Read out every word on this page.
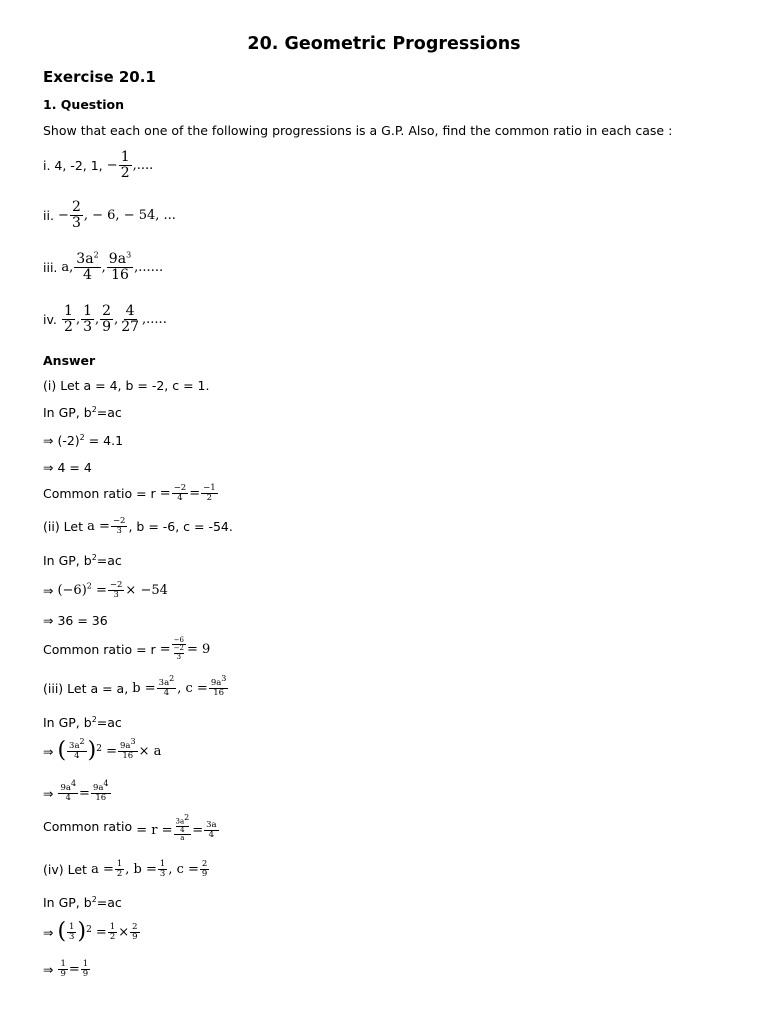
20. Geometric Progressions
Exercise 20.1
1. Question
Show that each one of the following progressions is a G.P. Also, find the common ratio in each case :
i. 4, -2, 1, − $\frac{1}{2}$ ,....
ii. − $\frac{2}{3}$ , − 6, − 54, ...
iii. a, $\frac{3a^2}{4}$ , $\frac{9a^3}{16}$ ,......
iv.
$\frac{1}{2}$ , $\frac{1}{3}$ , $\frac{2}{9}$ , $\frac{4}{27}$ ,.....
Answer
(i) Let a = 4, b = -2, c = 1.
In GP, $b^2=ac$
⇒ $(-2)^2 = 4.1$
⇒ 4 = 4
Common ratio = $r = \frac{-2}{4} = \frac{-1}{2}$
(ii) Let $a = \frac{-2}{3}$ , b = -6, c = -54.
In GP, $b^2=ac$
⇒ $(-6)^2 = \frac{-2}{3} \times -54$
⇒ 36 = 36
Common ratio = r = −6
−2
3 = 9
(iii) Let a = a, $b = \frac{3a^2}{4}$ , $c = \frac{9a^3}{16}$
In GP, $b^2=ac$
⇒ ( $\frac{3a^2}{4}$ ) $2 = \frac{9a^3}{16} \times a$
⇒ $\frac{9a^4}{4} = \frac{9a^4}{16}$
Common ratio = $r = 3a^2$
4
$a = \frac{3a}{4}$
(iv) Let $a = \frac{1}{2}$ , $b = \frac{1}{3}$ , $c = \frac{2}{9}$
In GP, $b^2=ac$
⇒ ( $\frac{1}{3}$ ) $2 = \frac{1}{2} \times \frac{2}{9}$
⇒ $\frac{1}{9} = \frac{1}{9}$
